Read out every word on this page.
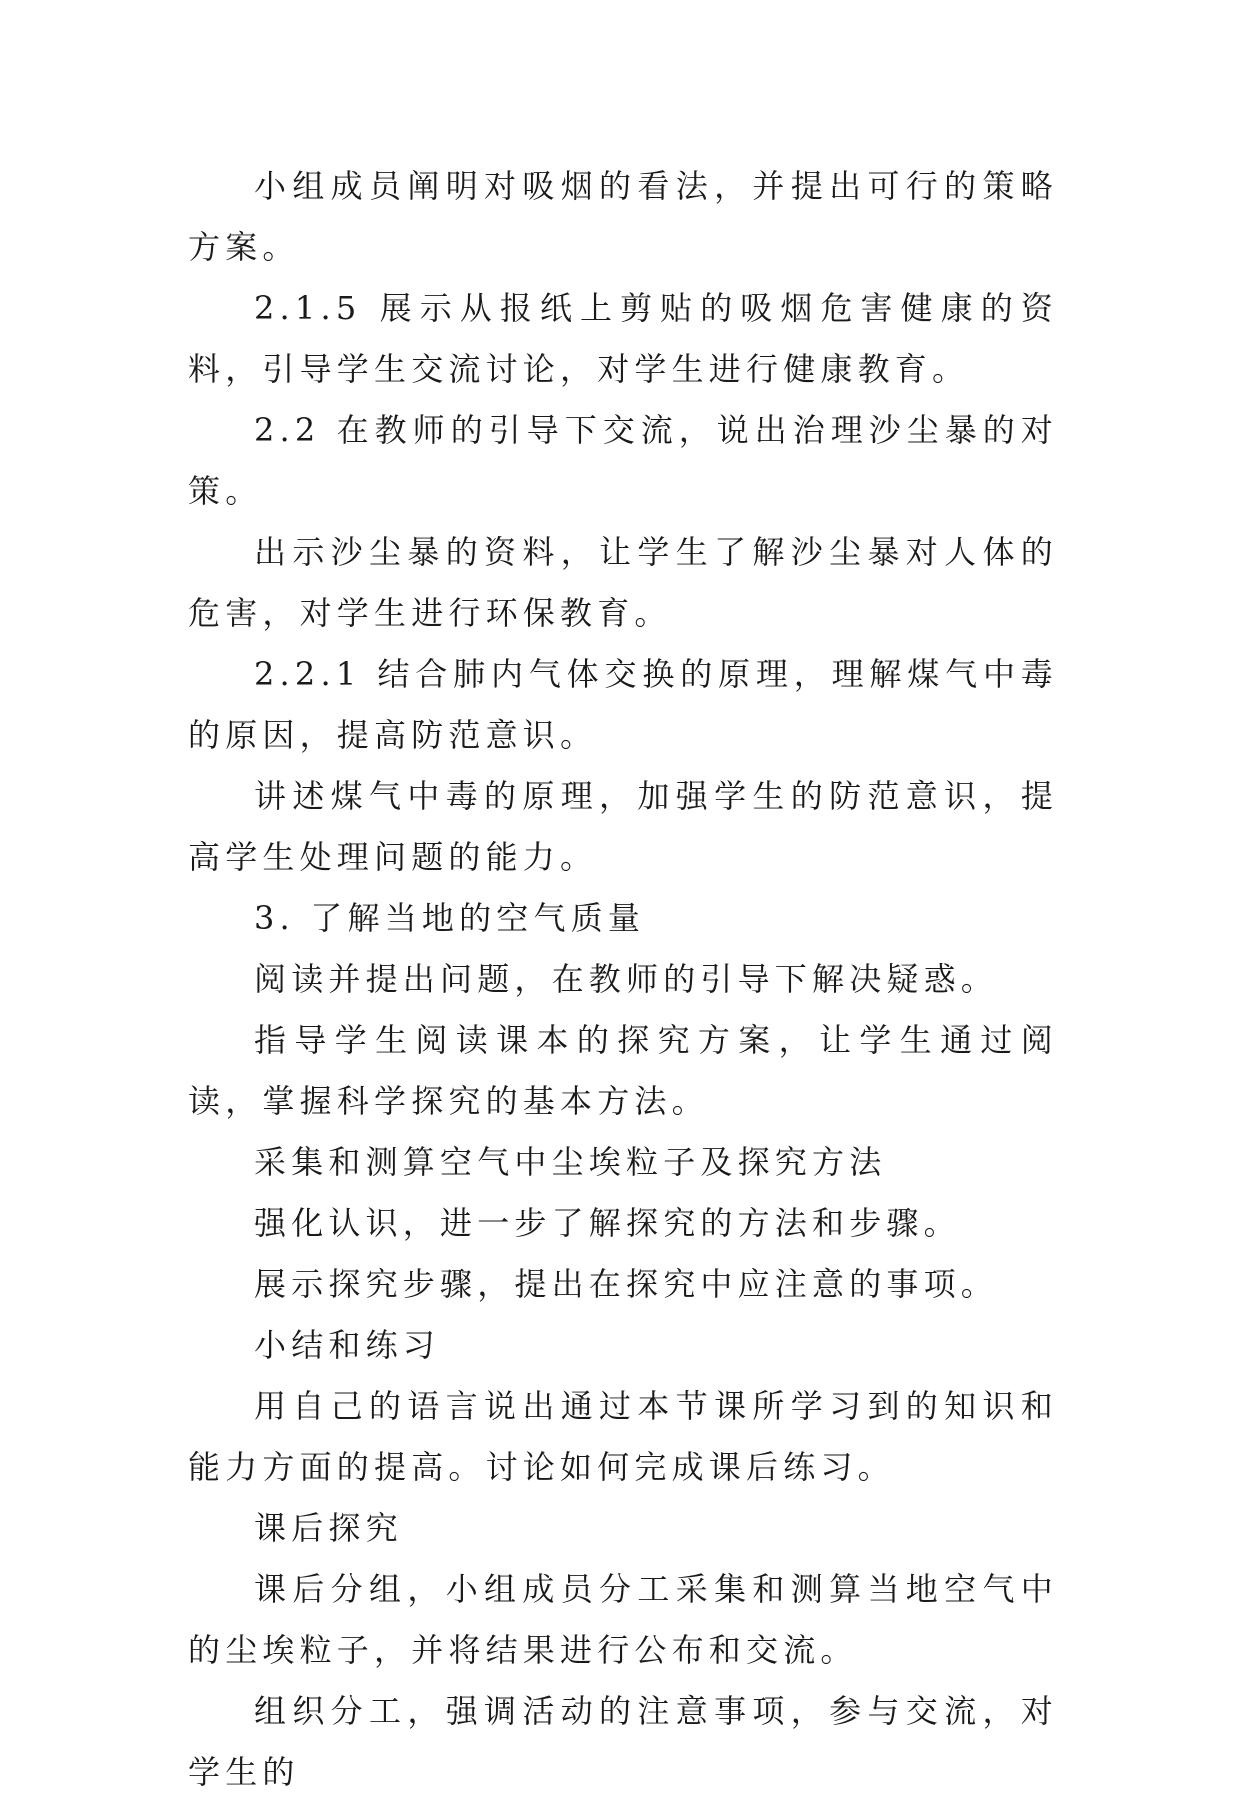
小组成员阐明对吸烟的看法，并提出可行的策略方案。

2.1.5 展示从报纸上剪贴的吸烟危害健康的资料，引导学生交流讨论，对学生进行健康教育。

2.2 在教师的引导下交流，说出治理沙尘暴的对策。

出示沙尘暴的资料，让学生了解沙尘暴对人体的危害，对学生进行环保教育。

2.2.1 结合肺内气体交换的原理，理解煤气中毒的原因，提高防范意识。

讲述煤气中毒的原理，加强学生的防范意识，提高学生处理问题的能力。

3. 了解当地的空气质量

阅读并提出问题，在教师的引导下解决疑惑。

指导学生阅读课本的探究方案，让学生通过阅读，掌握科学探究的基本方法。

采集和测算空气中尘埃粒子及探究方法

强化认识，进一步了解探究的方法和步骤。

展示探究步骤，提出在探究中应注意的事项。

小结和练习

用自己的语言说出通过本节课所学习到的知识和能力方面的提高。讨论如何完成课后练习。

课后探究

课后分组，小组成员分工采集和测算当地空气中的尘埃粒子，并将结果进行公布和交流。

组织分工，强调活动的注意事项，参与交流，对学生的
